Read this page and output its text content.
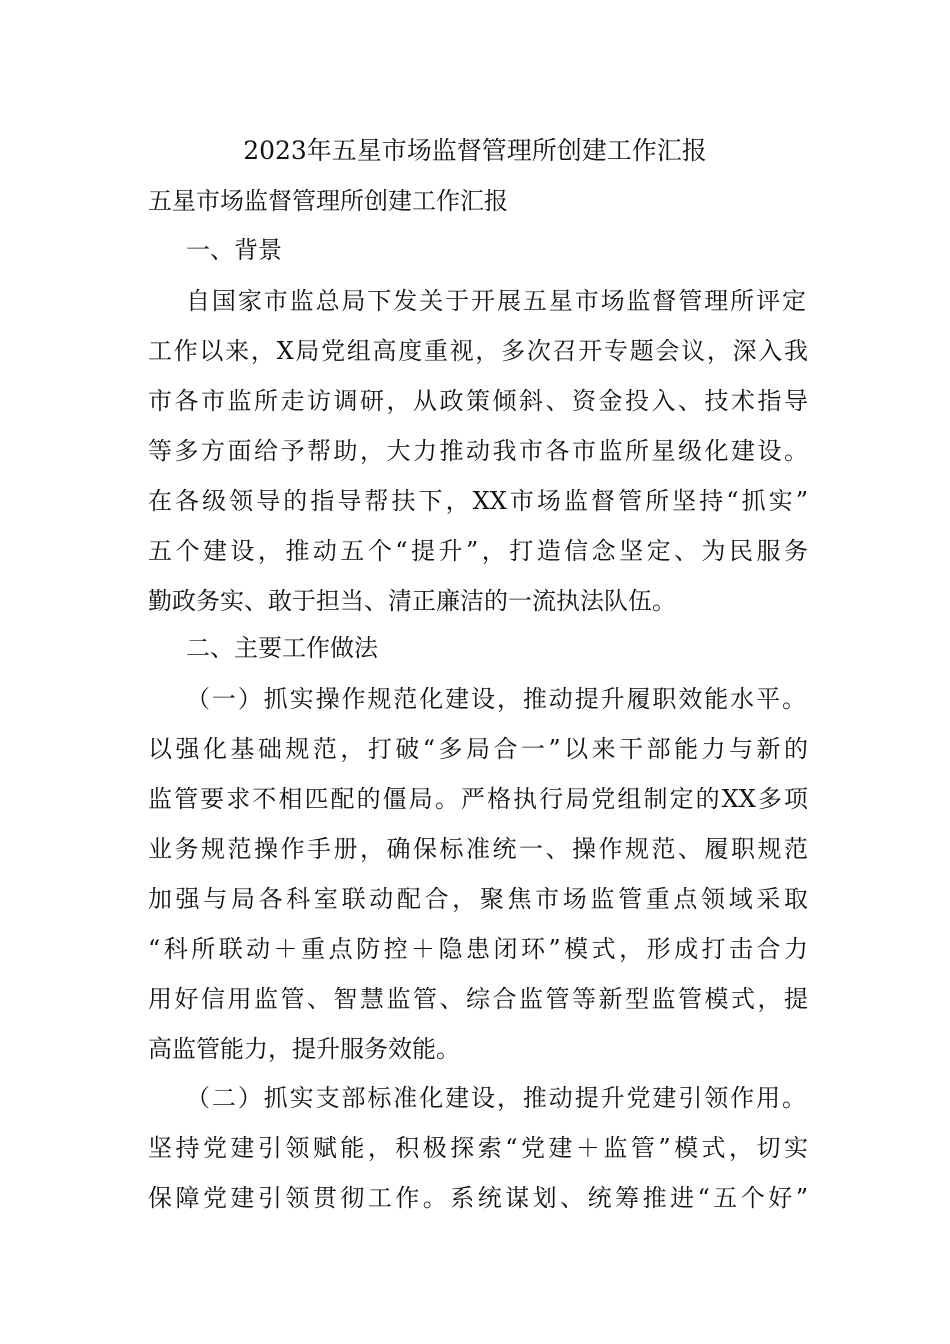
2023年五星市场监督管理所创建工作汇报
五星市场监督管理所创建工作汇报
一、背景
自国家市监总局下发关于开展五星市场监督管理所评定
工作以来，X局党组高度重视，多次召开专题会议，深入我
市各市监所走访调研，从政策倾斜、资金投入、技术指导
等多方面给予帮助，大力推动我市各市监所星级化建设。
在各级领导的指导帮扶下，XX市场监督管所坚持“抓实”
五个建设，推动五个“提升”，打造信念坚定、为民服务
勤政务实、敢于担当、清正廉洁的一流执法队伍。
二、主要工作做法
（一）抓实操作规范化建设，推动提升履职效能水平。
以强化基础规范，打破“多局合一”以来干部能力与新的
监管要求不相匹配的僵局。严格执行局党组制定的XX多项
业务规范操作手册，确保标准统一、操作规范、履职规范
加强与局各科室联动配合，聚焦市场监管重点领域采取
“科所联动＋重点防控＋隐患闭环”模式，形成打击合力
用好信用监管、智慧监管、综合监管等新型监管模式，提
高监管能力，提升服务效能。
（二）抓实支部标准化建设，推动提升党建引领作用。
坚持党建引领赋能，积极探索“党建＋监管”模式，切实
保障党建引领贯彻工作。系统谋划、统筹推进“五个好”
